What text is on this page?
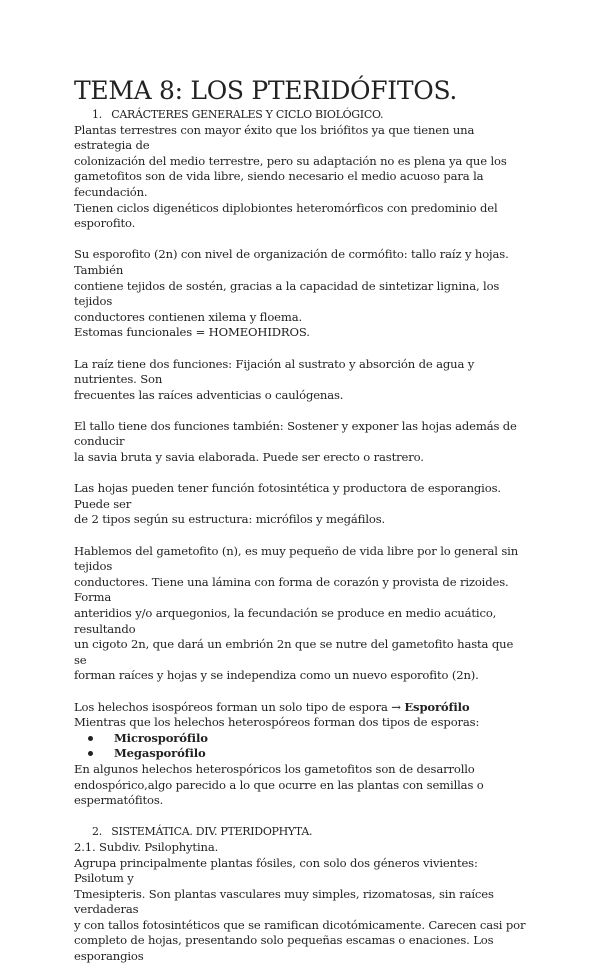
TEMA 8: LOS PTERIDÓFITOS.

1. CARÁCTERES GENERALES Y CICLO BIOLÓGICO.

Plantas terrestres con mayor éxito que los briófitos ya que tienen una estrategia de

colonización del medio terrestre, pero su adaptación no es plena ya que los

gametofitos son de vida libre, siendo necesario el medio acuoso para la fecundación.

Tienen ciclos digenéticos diplobiontes heteromórficos con predominio del esporofito.

Su esporofito (2n) con nivel de organización de cormófito: tallo raíz y hojas. También

contiene tejidos de sostén, gracias a la capacidad de sintetizar lignina, los tejidos

conductores contienen xilema y floema.

Estomas funcionales = HOMEOHIDROS.

La raíz tiene dos funciones: Fijación al sustrato y absorción de agua y nutrientes. Son

frecuentes las raíces adventicias o caulógenas.

El tallo tiene dos funciones también: Sostener y exponer las hojas además de conducir

la savia bruta y savia elaborada. Puede ser erecto o rastrero.

Las hojas pueden tener función fotosintética y productora de esporangios. Puede ser

de 2 tipos según su estructura: micrófilos y megáfilos.

Hablemos del gametofito (n), es muy pequeño de vida libre por lo general sin tejidos

conductores. Tiene una lámina con forma de corazón y provista de rizoides. Forma

anteridios y/o arquegonios, la fecundación se produce en medio acuático, resultando

un cigoto 2n, que dará un embrión 2n que se nutre del gametofito hasta que se

forman raíces y hojas y se independiza como un nuevo esporofito (2n).

Los helechos isospóreos forman un solo tipo de espora → Esporófilo

Mientras que los helechos heterospóreos forman dos tipos de esporas:

Microsporófilo
Megasporófilo

En algunos helechos heterospóricos los gametofitos son de desarrollo

endospórico,algo parecido a lo que ocurre en las plantas con semillas o

espermatófitos.

2. SISTEMÁTICA. DIV. PTERIDOPHYTA.

2.1. Subdiv. Psilophytina.

Agrupa principalmente plantas fósiles, con solo dos géneros vivientes: Psilotum y

Tmesipteris. Son plantas vasculares muy simples, rizomatosas, sin raíces verdaderas

y con tallos fotosintéticos que se ramifican dicotómicamente. Carecen casi por

completo de hojas, presentando solo pequeñas escamas o enaciones. Los esporangios
